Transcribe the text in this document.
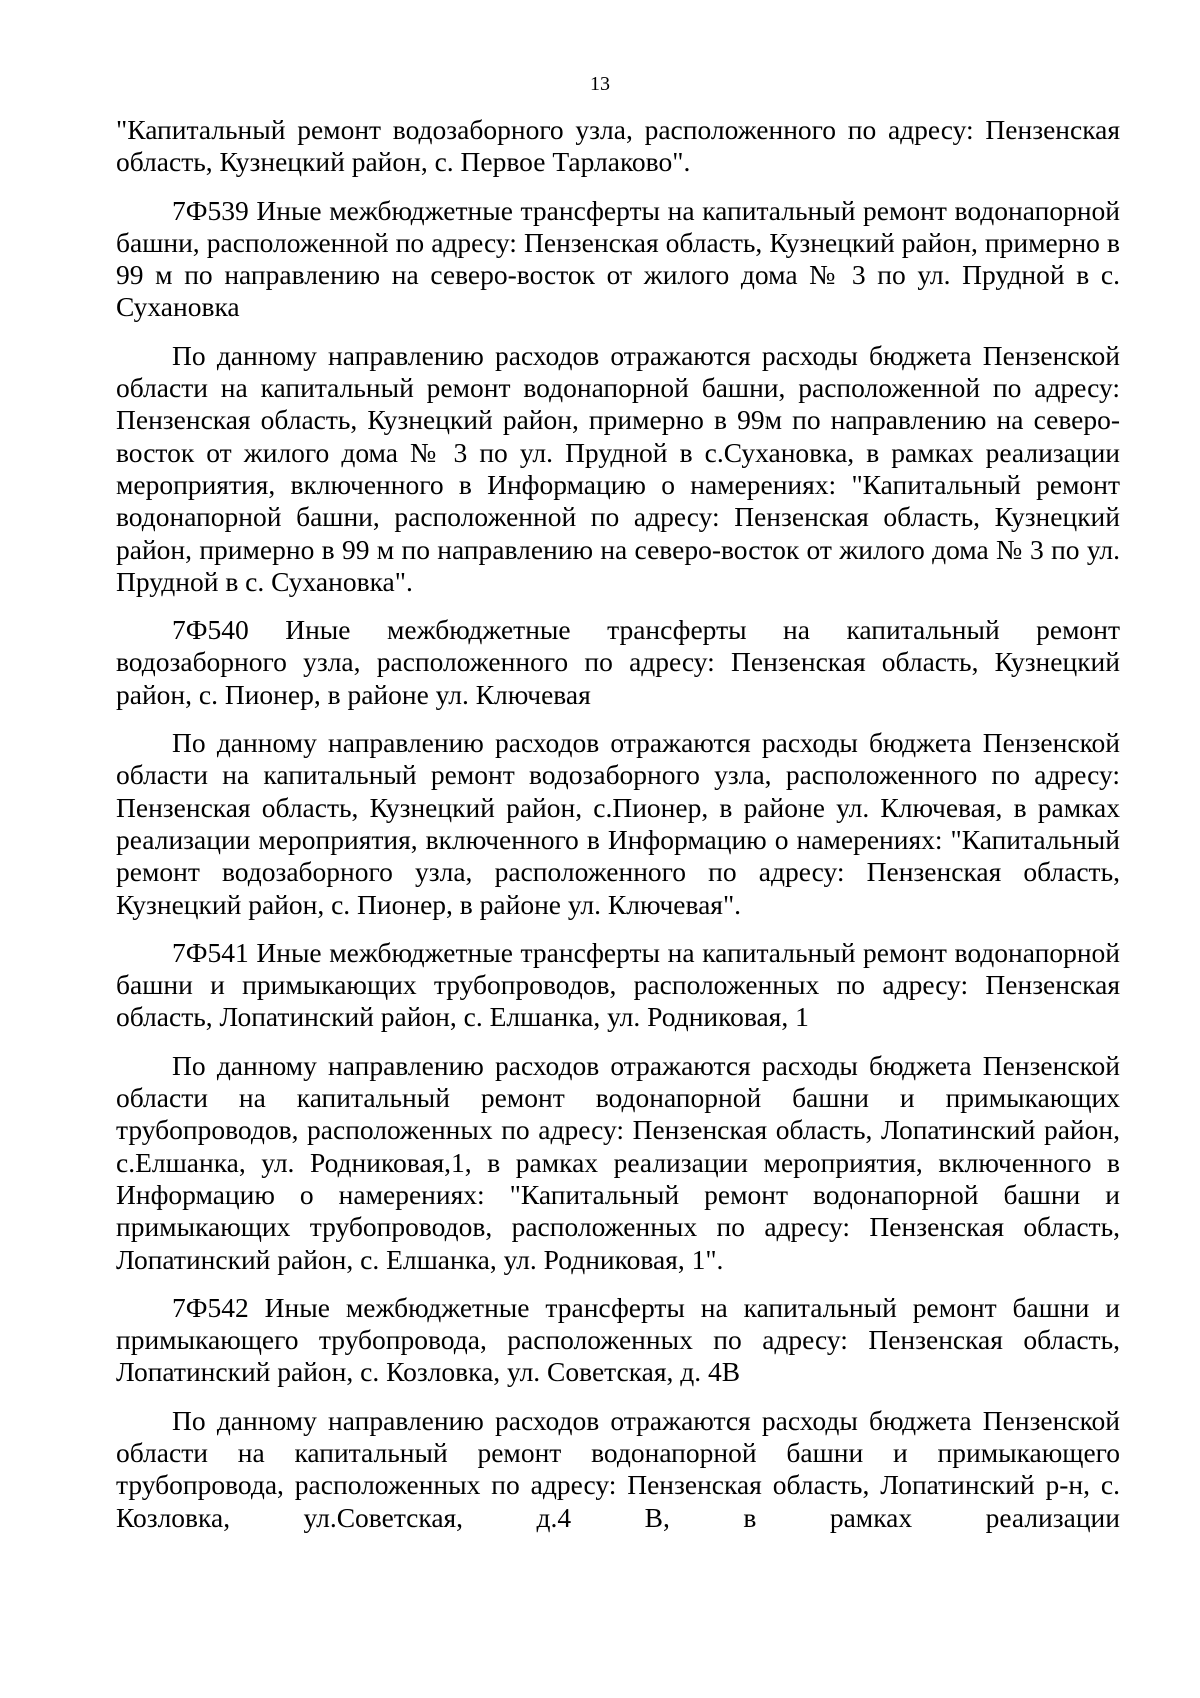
13

"Капитальный ремонт водозаборного узла, расположенного по адресу: Пензенская область, Кузнецкий район, с. Первое Тарлаково".

7Ф539 Иные межбюджетные трансферты на капитальный ремонт водонапорной башни, расположенной по адресу: Пензенская область, Кузнецкий район, примерно в 99 м по направлению на северо-восток от жилого дома № 3 по ул. Прудной в с. Сухановка

По данному направлению расходов отражаются расходы бюджета Пензенской области на капитальный ремонт водонапорной башни, расположенной по адресу: Пензенская область, Кузнецкий район, примерно в 99м по направлению на северо-восток от жилого дома № 3 по ул. Прудной в с.Сухановка, в рамках реализации мероприятия, включенного в Информацию о намерениях: "Капитальный ремонт водонапорной башни, расположенной по адресу: Пензенская область, Кузнецкий район, примерно в 99 м по направлению на северо-восток от жилого дома № 3 по ул. Прудной в с. Сухановка".

7Ф540 Иные межбюджетные трансферты на капитальный ремонт водозаборного узла, расположенного по адресу: Пензенская область, Кузнецкий район, с. Пионер, в районе ул. Ключевая

По данному направлению расходов отражаются расходы бюджета Пензенской области на капитальный ремонт водозаборного узла, расположенного по адресу: Пензенская область, Кузнецкий район, с.Пионер, в районе ул. Ключевая, в рамках реализации мероприятия, включенного в Информацию о намерениях: "Капитальный ремонт водозаборного узла, расположенного по адресу: Пензенская область, Кузнецкий район, с. Пионер, в районе ул. Ключевая".

7Ф541 Иные межбюджетные трансферты на капитальный ремонт водонапорной башни и примыкающих трубопроводов, расположенных по адресу: Пензенская область, Лопатинский район, с. Елшанка, ул. Родниковая, 1

По данному направлению расходов отражаются расходы бюджета Пензенской области на капитальный ремонт водонапорной башни и примыкающих трубопроводов, расположенных по адресу: Пензенская область, Лопатинский район, с.Елшанка, ул. Родниковая,1, в рамках реализации мероприятия, включенного в Информацию о намерениях: "Капитальный ремонт водонапорной башни и примыкающих трубопроводов, расположенных по адресу: Пензенская область, Лопатинский район, с. Елшанка, ул. Родниковая, 1".

7Ф542 Иные межбюджетные трансферты на капитальный ремонт башни и примыкающего трубопровода, расположенных по адресу: Пензенская область, Лопатинский район, с. Козловка, ул. Советская, д. 4В

По данному направлению расходов отражаются расходы бюджета Пензенской области на капитальный ремонт водонапорной башни и примыкающего трубопровода, расположенных по адресу: Пензенская область, Лопатинский р-н, с. Козловка, ул.Советская, д.4 В, в рамках реализации
